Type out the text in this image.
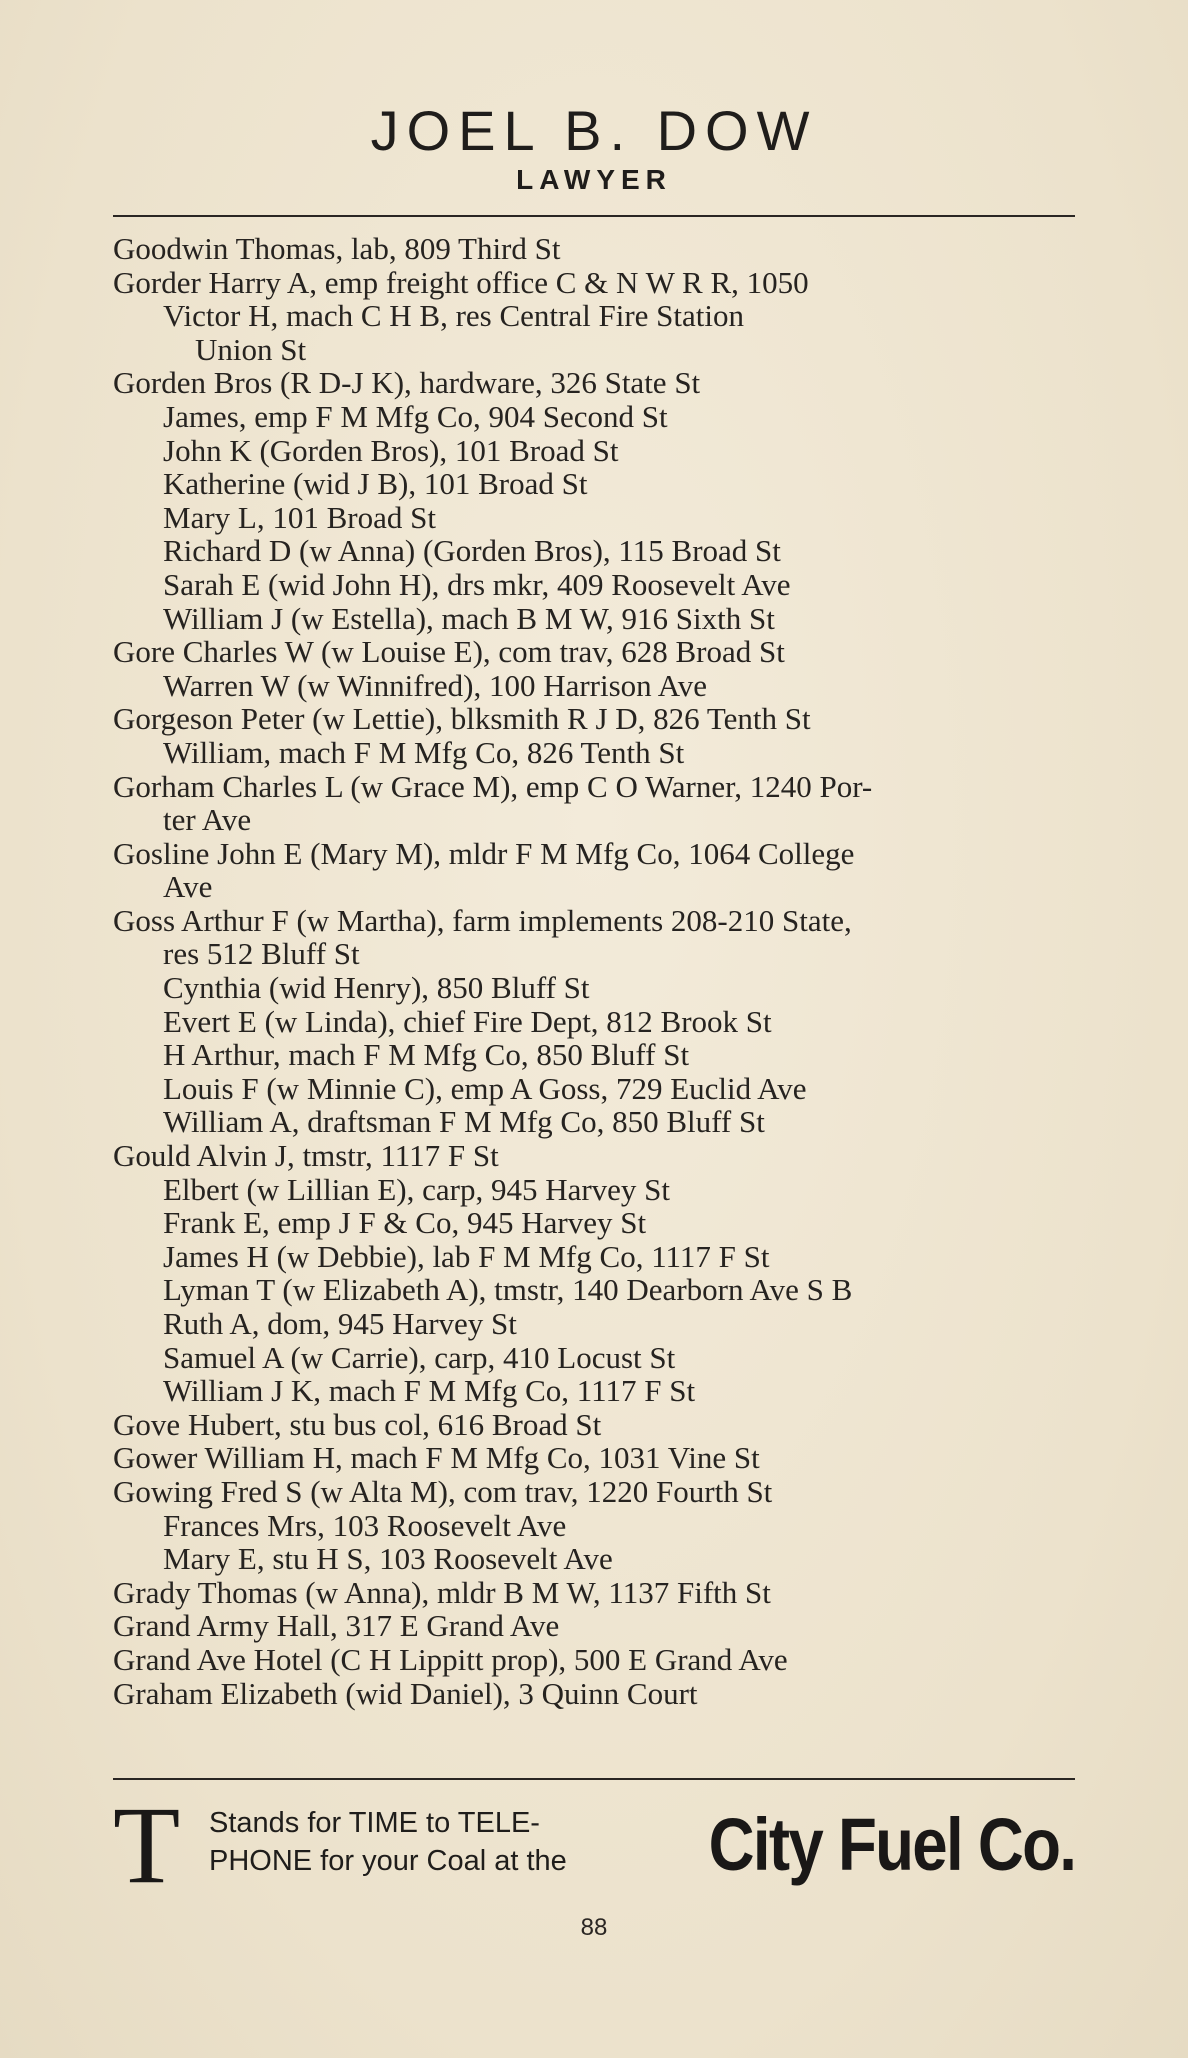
JOEL B. DOW
LAWYER
Goodwin Thomas, lab, 809 Third St
Gorder Harry A, emp freight office C & N W R R, 1050
Victor H, mach C H B, res Central Fire Station
Union St
Gorden Bros (R D-J K), hardware, 326 State St
James, emp F M Mfg Co, 904 Second St
John K (Gorden Bros), 101 Broad St
Katherine (wid J B), 101 Broad St
Mary L, 101 Broad St
Richard D (w Anna) (Gorden Bros), 115 Broad St
Sarah E (wid John H), drs mkr, 409 Roosevelt Ave
William J (w Estella), mach B M W, 916 Sixth St
Gore Charles W (w Louise E), com trav, 628 Broad St
Warren W (w Winnifred), 100 Harrison Ave
Gorgeson Peter (w Lettie), blksmith R J D, 826 Tenth St
William, mach F M Mfg Co, 826 Tenth St
Gorham Charles L (w Grace M), emp C O Warner, 1240 Por-
ter Ave
Gosline John E (Mary M), mldr F M Mfg Co, 1064 College
Ave
Goss Arthur F (w Martha), farm implements 208-210 State,
res 512 Bluff St
Cynthia (wid Henry), 850 Bluff St
Evert E (w Linda), chief Fire Dept, 812 Brook St
H Arthur, mach F M Mfg Co, 850 Bluff St
Louis F (w Minnie C), emp A Goss, 729 Euclid Ave
William A, draftsman F M Mfg Co, 850 Bluff St
Gould Alvin J, tmstr, 1117 F St
Elbert (w Lillian E), carp, 945 Harvey St
Frank E, emp J F & Co, 945 Harvey St
James H (w Debbie), lab F M Mfg Co, 1117 F St
Lyman T (w Elizabeth A), tmstr, 140 Dearborn Ave S B
Ruth A, dom, 945 Harvey St
Samuel A (w Carrie), carp, 410 Locust St
William J K, mach F M Mfg Co, 1117 F St
Gove Hubert, stu bus col, 616 Broad St
Gower William H, mach F M Mfg Co, 1031 Vine St
Gowing Fred S (w Alta M), com trav, 1220 Fourth St
Frances Mrs, 103 Roosevelt Ave
Mary E, stu H S, 103 Roosevelt Ave
Grady Thomas (w Anna), mldr B M W, 1137 Fifth St
Grand Army Hall, 317 E Grand Ave
Grand Ave Hotel (C H Lippitt prop), 500 E Grand Ave
Graham Elizabeth (wid Daniel), 3 Quinn Court
T Stands for TIME to TELE-
PHONE for your Coal at the City Fuel Co.
88
